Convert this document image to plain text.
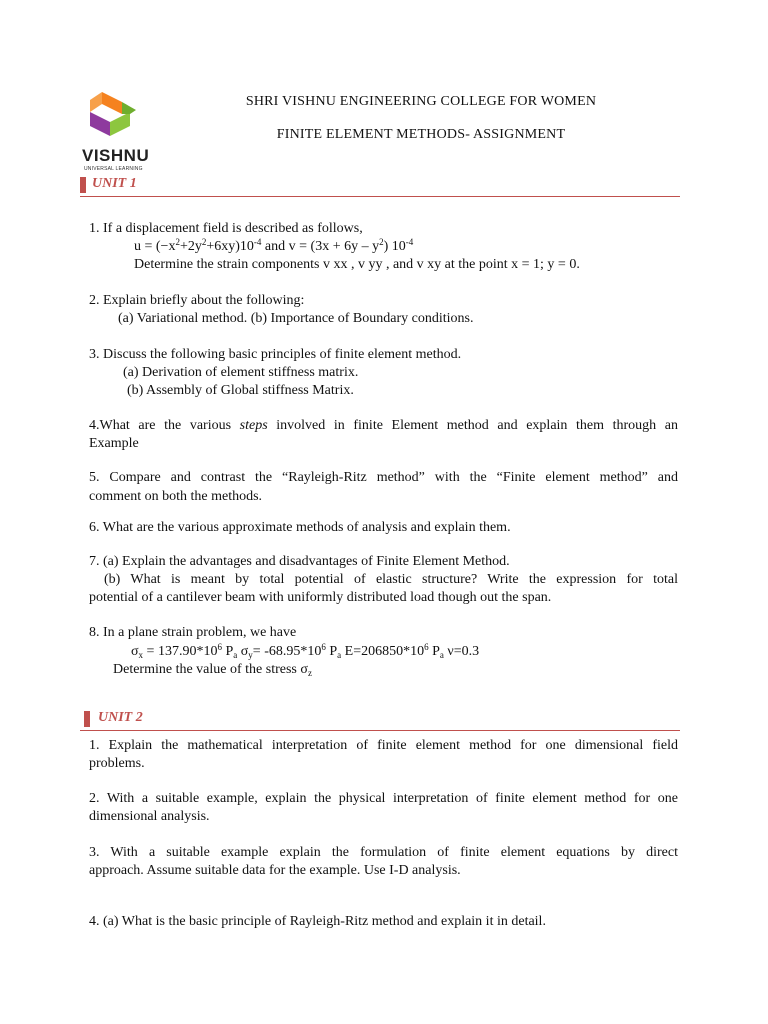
VISHNU
UNIVERSAL LEARNING
SHRI VISHNU ENGINEERING COLLEGE FOR WOMEN
FINITE ELEMENT METHODS- ASSIGNMENT
UNIT 1
1. If a displacement field is described as follows,
$u = (-x^2+2y^2+6xy)10^{-4}$ and $v = (3x + 6y - y^2)$ $10^{-4}$
Determine the strain components v xx , v yy , and v xy at the point x = 1; y = 0.
2. Explain briefly about the following:
(a) Variational method. (b) Importance of Boundary conditions.
3. Discuss the following basic principles of finite element method.
(a) Derivation of element stiffness matrix.
(b) Assembly of Global stiffness Matrix.
4.What are the various steps involved in finite Element method and explain them through an
Example
5. Compare and contrast the “Rayleigh-Ritz method” with the “Finite element method” and
comment on both the methods.
6. What are the various approximate methods of analysis and explain them.
7. (a) Explain the advantages and disadvantages of Finite Element Method.
(b) What is meant by total potential of elastic structure? Write the expression for total
potential of a cantilever beam with uniformly distributed load though out the span.
8. In a plane strain problem, we have
$\sigma_x = 137.90*10^6$ $P_a$ $\sigma_y= -68.95*10^6$ $P_a$ $E=206850*10^6$ $P_a$ ν=0.3
Determine the value of the stress $\sigma_z$
UNIT 2
1. Explain the mathematical interpretation of finite element method for one dimensional field
problems.
2. With a suitable example, explain the physical interpretation of finite element method for one
dimensional analysis.
3. With a suitable example explain the formulation of finite element equations by direct
approach. Assume suitable data for the example. Use I-D analysis.
4. (a) What is the basic principle of Rayleigh-Ritz method and explain it in detail.
